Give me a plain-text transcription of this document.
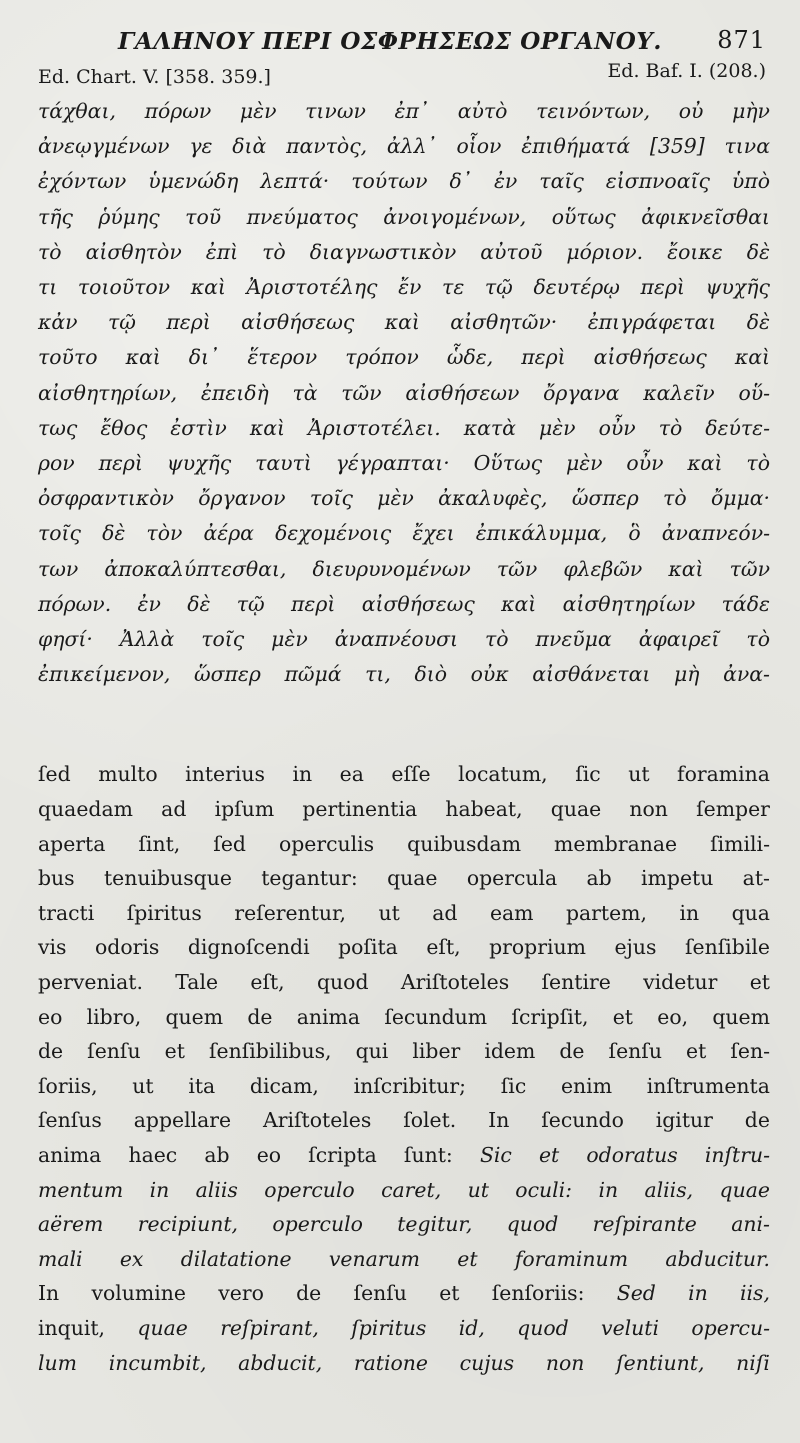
ΓΑΛΗΝΟΥ ΠΕΡΙ ΟΣΦΡΗΣΕΩΣ ΟΡΓΑΝΟΥ. 871
Ed. Chart. V. [358. 359.]	Ed. Baf. I. (208.)
τάχθαι, πόρων μὲν τινων ἐπ᾽ αὐτὸ τεινόντων, οὐ μὴν
ἀνεῳγμένων γε διὰ παντὸς, ἀλλ᾽ οἷον ἐπιθήματά [359] τινα
ἐχόντων ὑμενώδη λεπτά· τούτων δ᾽ ἐν ταῖς εἰσπνοαῖς ὑπὸ
τῆς ῥύμης τοῦ πνεύματος ἀνοιγομένων, οὕτως ἀφικνεῖσθαι
τὸ αἰσθητὸν ἐπὶ τὸ διαγνωστικὸν αὐτοῦ μόριον. ἔοικε δὲ
τι τοιοῦτον καὶ Ἀριστοτέλης ἔν τε τῷ δευτέρῳ περὶ ψυχῆς
κἀν τῷ περὶ αἰσθήσεως καὶ αἰσθητῶν· ἐπιγράφεται δὲ
τοῦτο καὶ δι᾽ ἕτερον τρόπον ὧδε, περὶ αἰσθήσεως καὶ
αἰσθητηρίων, ἐπειδὴ τὰ τῶν αἰσθήσεων ὄργανα καλεῖν οὕ-
τως ἔθος ἐστὶν καὶ Ἀριστοτέλει. κατὰ μὲν οὖν τὸ δεύτε-
ρον περὶ ψυχῆς ταυτὶ γέγραπται· Οὕτως μὲν οὖν καὶ τὸ
ὀσφραντικὸν ὄργανον τοῖς μὲν ἀκαλυφὲς, ὥσπερ τὸ ὄμμα·
τοῖς δὲ τὸν ἀέρα δεχομένοις ἔχει ἐπικάλυμμα, ὃ ἀναπνεόν-
των ἀποκαλύπτεσθαι, διευρυνομένων τῶν φλεβῶν καὶ τῶν
πόρων. ἐν δὲ τῷ περὶ αἰσθήσεως καὶ αἰσθητηρίων τάδε
φησί· Ἀλλὰ τοῖς μὲν ἀναπνέουσι τὸ πνεῦμα ἀφαιρεῖ τὸ
ἐπικείμενον, ὥσπερ πῶμά τι, διὸ οὐκ αἰσθάνεται μὴ ἀνα-
ſed multo interius in ea eſſe locatum, ſic ut foramina
quaedam ad ipſum pertinentia habeat, quae non ſemper
aperta ſint, ſed operculis quibusdam membranae ſimili-
bus tenuibusque tegantur: quae opercula ab impetu at-
tracti ſpiritus reſerentur, ut ad eam partem, in qua
vis odoris dignoſcendi poſita eſt, proprium ejus ſenſibile
perveniat. Tale eſt, quod Ariſtoteles ſentire videtur et
eo libro, quem de anima ſecundum ſcripſit, et eo, quem
de ſenſu et ſenſibilibus, qui liber idem de ſenſu et ſen-
ſoriis, ut ita dicam, inſcribitur; ſic enim inſtrumenta
ſenſus appellare Ariſtoteles ſolet. In ſecundo igitur de
anima haec ab eo ſcripta ſunt: Sic et odoratus inſtru-
mentum in aliis operculo caret, ut oculi: in aliis, quae
aërem recipiunt, operculo tegitur, quod reſpirante ani-
mali ex dilatatione venarum et foraminum abducitur.
In volumine vero de ſenſu et ſenſoriis: Sed in iis,
inquit, quae reſpirant, ſpiritus id, quod veluti opercu-
lum incumbit, abducit, ratione cujus non ſentiunt, niſi
